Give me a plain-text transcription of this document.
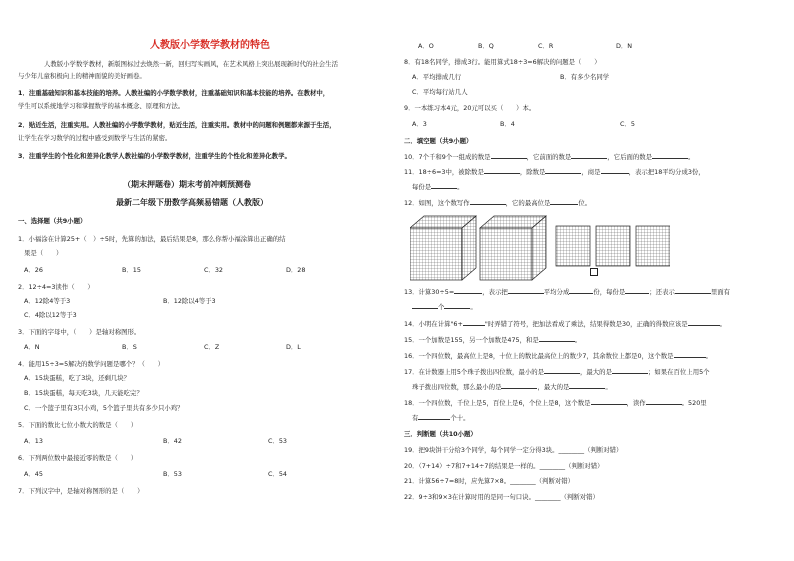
人教版小学数学教材的特色
人教版小学数学教材，新版图标过去焕然一新，回归写实画风，在艺术风格上突出展现新时代的社会生活
与少年儿童积极向上的精神面貌的美好画卷。
1．注重基础知识和基本技能的培养。人教社编的小学数学教材，注重基础知识和基本技能的培养。在教材中，
学生可以系统地学习和掌握数学的基本概念、原理和方法。
2．贴近生活，注重实用。人教社编的小学数学教材，贴近生活，注重实用。教材中的问题和例题都来源于生活，
让学生在学习数学的过程中感受到数学与生活的紧密。
3．注重学生的个性化和差异化教学人教社编的小学数学教材，注重学生的个性化和差异化教学。
（期末押题卷）期末考前冲刺预测卷
最新二年级下册数学高频易错题（人教版）
一、选择题（共9小题）
1．小福涂在计算25+（　）÷5时，先算的加法，最后结果是8，那么你帮小福涂算出正确的结
果是（　　）
A．26	B．15	C．32	D．28
2．12÷4=3读作（　　）
A．12除4等于3	B．12除以4等于3
C．4除以12等于3
3．下面的字母中，（　　）是轴对称图形。
A．N	B．S	C．Z	D．L
4．能用15÷3=5解决的数学问题是哪个？（　　）
A．15块蛋糕，吃了3块，还剩几块？
B．15块蛋糕，每天吃3块，几天能吃完？
C．一个篮子里有3只小鸡，5个篮子里共有多少只小鸡？
5．下面的数比七位小数大的数是（　　）
A．13	B．42	C．53
6．下列两位数中最接近零的数是（　　）
A．45	B．53	C．54
7．下列汉字中，是轴对称图形的是（　　）
A．O	B．Q	C．R	D．N
8．有18名同学，排成3行。能用算式18÷3=6解决的问题是（　　）
A．平均排成几行	B．有多少名同学
C．平均每行站几人
9．一本练习本4元，20元可以买（　　）本。
A．3	B．4	C．5
二．填空题（共9小题）
10．7个千和9个一组成的数是	，它前面的数是	，它后面的数是	。
11．18÷6=3中，被除数是	，除数是	，商是	，表示把18平均分成3份，
每份是	。
12．如图，这个数写作	，它的最高位是	位。
13．计算30÷5=	，表示把	平均分成	份，每份是	；还表示	里面有
个	。
14．小明在计算"6+	"时弄错了符号，把加法看成了乘法，结果得数是30，正确的得数应该是	。
15．一个加数是155，另一个加数是475，和是	。
16．一个四位数，最高位上是8，十位上的数比最高位上的数少7，其余数位上都是0，这个数是	。
17．在计数器上用5个珠子拨出四位数，最小的是	，最大的是	；如果在百位上用5个
珠子拨出四位数，那么最小的是	，最大的是	。
18．一个四位数，千位上是5，百位上是6，个位上是8，这个数是	，读作	。520里
有	个十。
三．判断题（共10小题）
19．把9块饼干分给3个同学，每个同学一定分得3块。________（判断对错）
20．（7+14）÷7和7+14÷7的结果是一样的。________（判断对错）
21．计算56÷7=8时，应先算7×8。________（判断对错）
22．9÷3和9×3在计算时用的是同一句口诀。________（判断对错）
